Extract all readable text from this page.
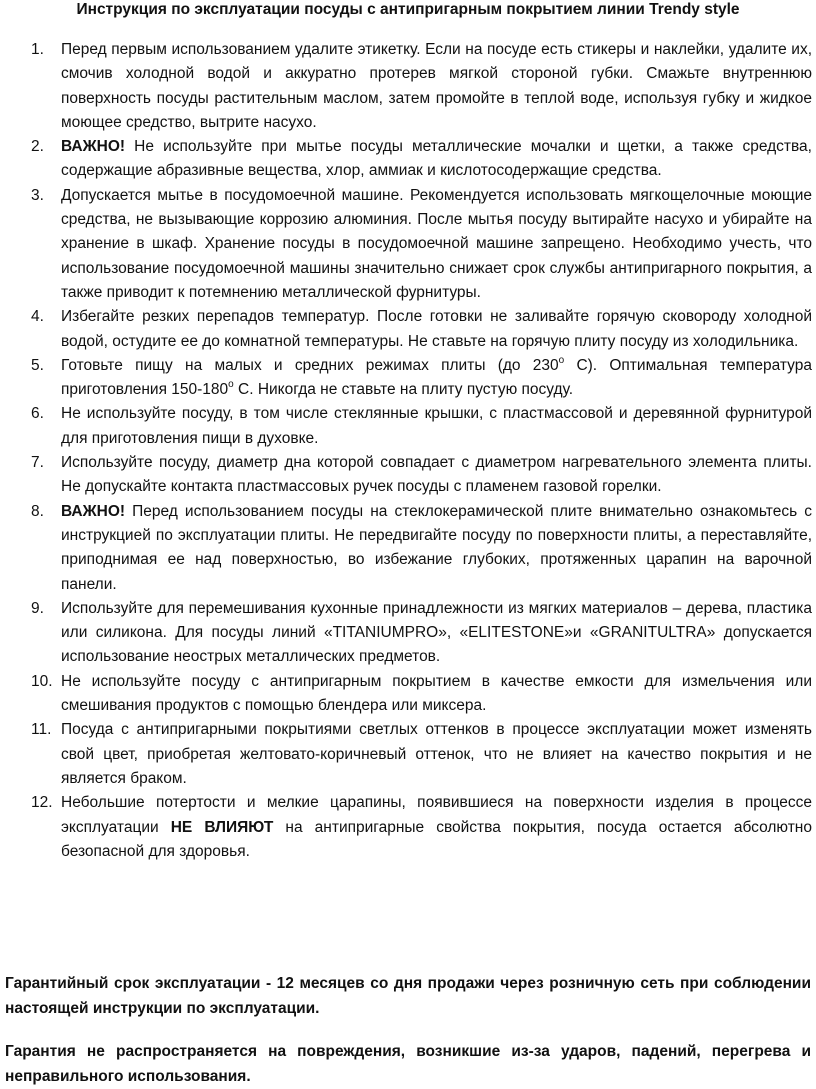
Инструкция по эксплуатации посуды с антипригарным покрытием линии Trendy style
1. Перед первым использованием удалите этикетку. Если на посуде есть стикеры и наклейки, удалите их, смочив холодной водой и аккуратно протерев мягкой стороной губки. Смажьте внутреннюю поверхность посуды растительным маслом, затем промойте в теплой воде, используя губку и жидкое моющее средство, вытрите насухо.
2. ВАЖНО! Не используйте при мытье посуды металлические мочалки и щетки, а также средства, содержащие абразивные вещества, хлор, аммиак и кислотосодержащие средства.
3. Допускается мытье в посудомоечной машине. Рекомендуется использовать мягкощелочные моющие средства, не вызывающие коррозию алюминия. После мытья посуду вытирайте насухо и убирайте на хранение в шкаф. Хранение посуды в посудомоечной машине запрещено. Необходимо учесть, что использование посудомоечной машины значительно снижает срок службы антипригарного покрытия, а также приводит к потемнению металлической фурнитуры.
4. Избегайте резких перепадов температур. После готовки не заливайте горячую сковороду холодной водой, остудите ее до комнатной температуры. Не ставьте на горячую плиту посуду из холодильника.
5. Готовьте пищу на малых и средних режимах плиты (до $230^о$ С). Оптимальная температура приготовления $150-180^о$ С. Никогда не ставьте на плиту пустую посуду.
6. Не используйте посуду, в том числе стеклянные крышки, с пластмассовой и деревянной фурнитурой для приготовления пищи в духовке.
7. Используйте посуду, диаметр дна которой совпадает с диаметром нагревательного элемента плиты. Не допускайте контакта пластмассовых ручек посуды с пламенем газовой горелки.
8. ВАЖНО! Перед использованием посуды на стеклокерамической плите внимательно ознакомьтесь с инструкцией по эксплуатации плиты. Не передвигайте посуду по поверхности плиты, а переставляйте, приподнимая ее над поверхностью, во избежание глубоких, протяженных царапин на варочной панели.
9. Используйте для перемешивания кухонные принадлежности из мягких материалов – дерева, пластика или силикона. Для посуды линий «TITANIUMPRO», «ELITESTONE»и «GRANITULTRA» допускается использование неострых металлических предметов.
10. Не используйте посуду с антипригарным покрытием в качестве емкости для измельчения или смешивания продуктов с помощью блендера или миксера.
11. Посуда с антипригарными покрытиями светлых оттенков в процессе эксплуатации может изменять свой цвет, приобретая желтовато-коричневый оттенок, что не влияет на качество покрытия и не является браком.
12. Небольшие потертости и мелкие царапины, появившиеся на поверхности изделия в процессе эксплуатации НЕ ВЛИЯЮТ на антипригарные свойства покрытия, посуда остается абсолютно безопасной для здоровья.
Гарантийный срок эксплуатации - 12 месяцев со дня продажи через розничную сеть при соблюдении настоящей инструкции по эксплуатации.
Гарантия не распространяется на повреждения, возникшие из-за ударов, падений, перегрева и неправильного использования.
